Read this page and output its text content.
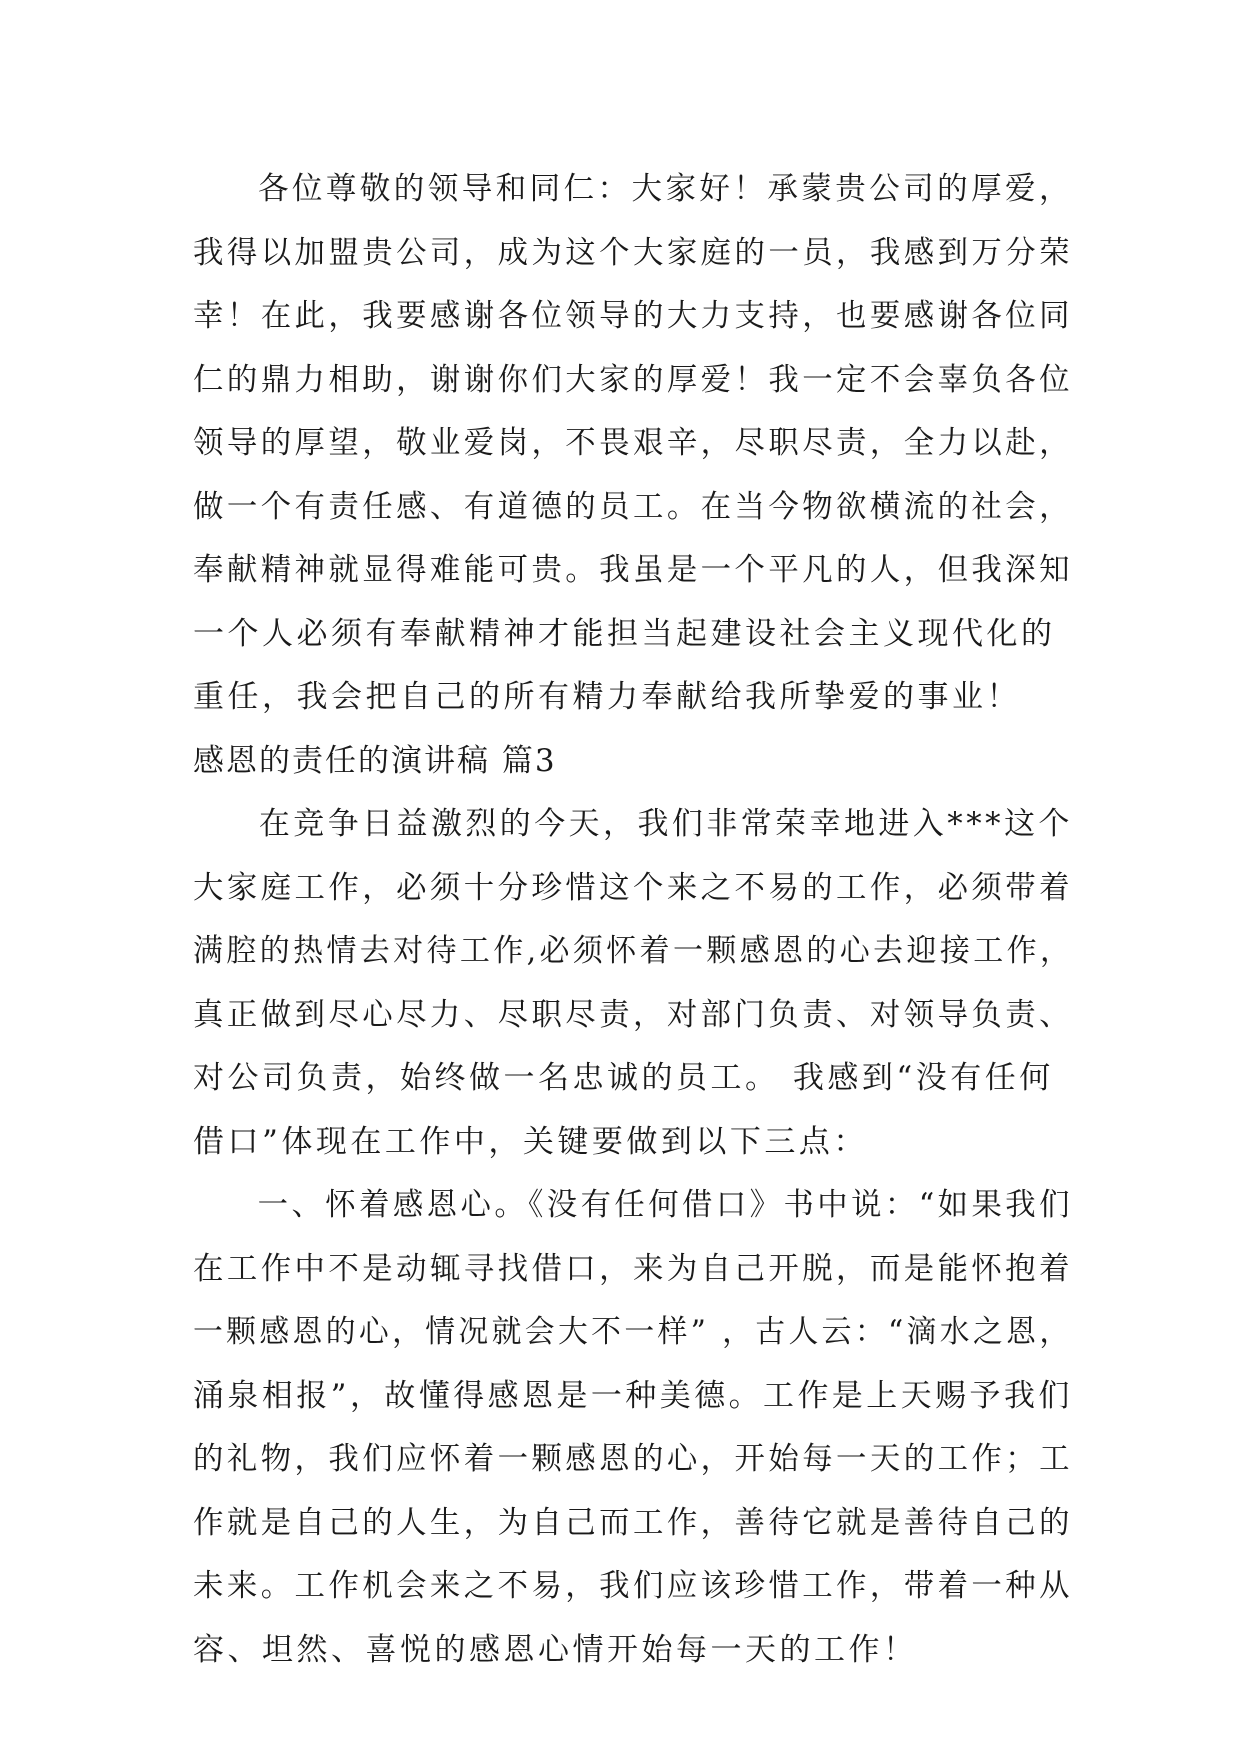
各位尊敬的领导和同仁：大家好！承蒙贵公司的厚爱，
我得以加盟贵公司，成为这个大家庭的一员，我感到万分荣
幸！在此，我要感谢各位领导的大力支持，也要感谢各位同
仁的鼎力相助，谢谢你们大家的厚爱！我一定不会辜负各位
领导的厚望，敬业爱岗，不畏艰辛，尽职尽责，全力以赴，
做一个有责任感、有道德的员工。在当今物欲横流的社会，
奉献精神就显得难能可贵。我虽是一个平凡的人，但我深知
一个人必须有奉献精神才能担当起建设社会主义现代化的
重任，我会把自己的所有精力奉献给我所挚爱的事业！
感恩的责任的演讲稿 篇3
在竞争日益激烈的今天，我们非常荣幸地进入***这个
大家庭工作，必须十分珍惜这个来之不易的工作，必须带着
满腔的热情去对待工作,必须怀着一颗感恩的心去迎接工作，
真正做到尽心尽力、尽职尽责，对部门负责、对领导负责、
对公司负责，始终做一名忠诚的员工。 我感到“没有任何
借口”体现在工作中，关键要做到以下三点：
一、怀着感恩心。《没有任何借口》书中说：“如果我们
在工作中不是动辄寻找借口，来为自己开脱，而是能怀抱着
一颗感恩的心，情况就会大不一样” ，古人云：“滴水之恩，
涌泉相报”，故懂得感恩是一种美德。工作是上天赐予我们
的礼物，我们应怀着一颗感恩的心，开始每一天的工作；工
作就是自己的人生，为自己而工作，善待它就是善待自己的
未来。工作机会来之不易，我们应该珍惜工作，带着一种从
容、坦然、喜悦的感恩心情开始每一天的工作！
